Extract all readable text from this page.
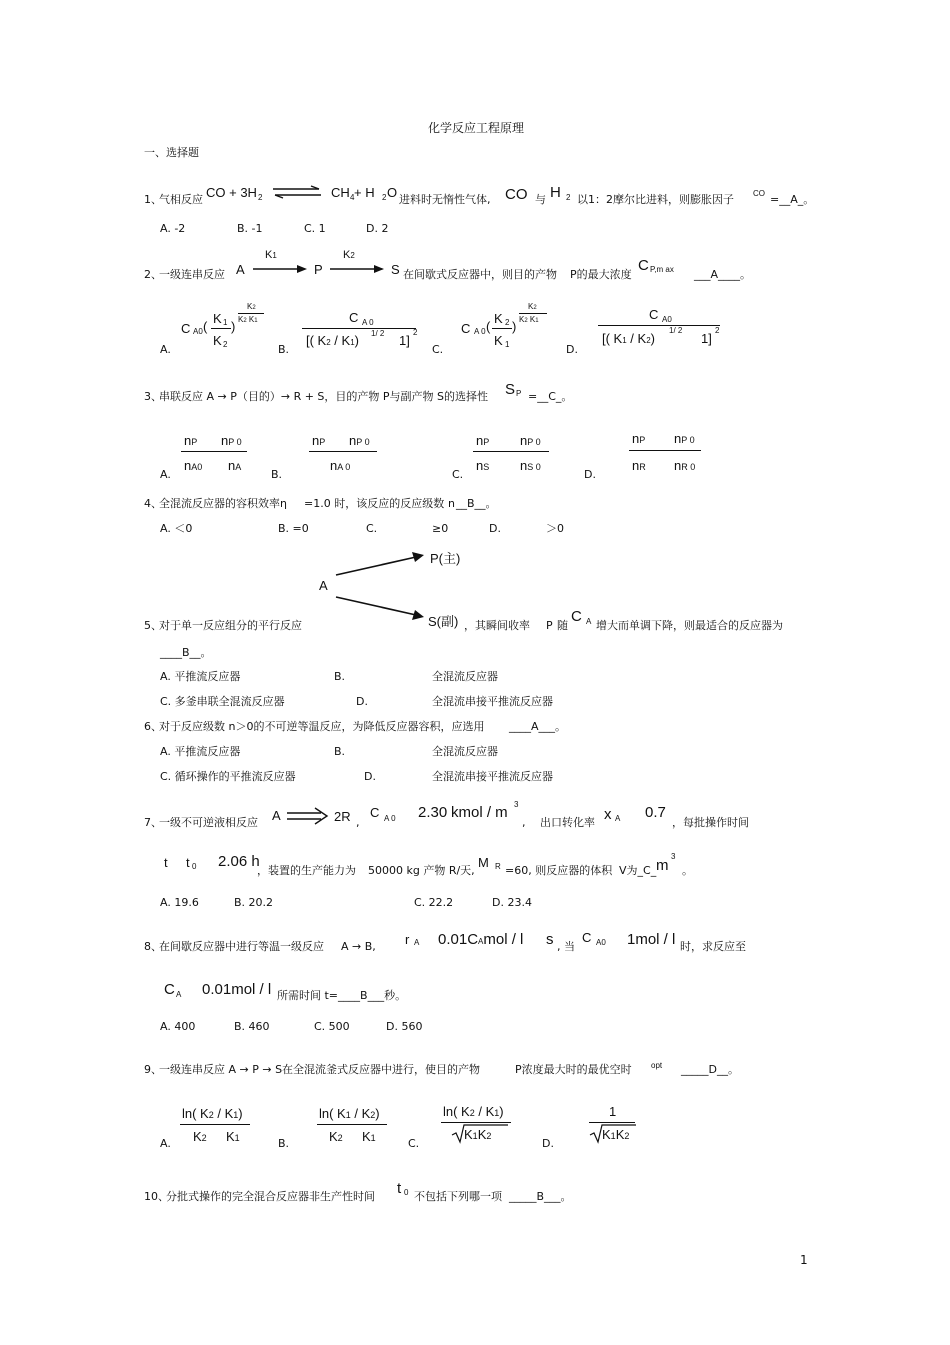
化学反应工程原理
一、选择题
1、
气相反应 CO + 3H 2 ⇌ CH 4 + H 2 O 进料时无惰性气体, CO 与 H 2 以1：2摩尔比进料，则膨胀因子 CO =__A_。
A. -2	B. -1	C. 1	D. 2
2、
一级连串反应 A
K1
P
K2
S 在间歇式反应器中，则目的产物 P的最大浓度
C P,m ax ___A____。
A.
C A0 (
K 1
K 2
)
K2
K2 K1
B.
C A 0
[( K2 / K1) 1/ 2 1]
2
C.
C A 0 (
K 2
K 1
)
K2
K2 K1
D.
C A0
[( K1 / K2)
1/ 2
1]
2
3、
串联反应 A → P（目的）→ R + S，目的产物 P与副产物 S的选择性 S P =__C_。
A.
nP nP 0
nA0 nA
B.
nP nP 0
nA 0
C.
nP nP 0
nS nS 0
D.
nP nP 0
nR nR 0
4、
全混流反应器的容积效率η =1.0 时，该反应的反应级数 n __B__。
A. ＜0	B. =0	C.	≥0	D.	＞0
P(主)
A
5、
对于单一反应组分的平行反应	S(副) ，其瞬间收率 P 随
C A 增大而单调下降，则最适合的反应器为
____B__。
A. 平推流反应器	B.	全混流反应器
C. 多釜串联全混流反应器	D.	全混流串接平推流反应器
6、
对于反应级数 n＞0的不可逆等温反应，为降低反应器容积，应选用 ____A___。
A. 平推流反应器	B.	全混流反应器
C. 循环操作的平推流反应器	D.	全混流串接平推流反应器
7、
一级不可逆液相反应 A	2R ,
C A 0 2.30 kmol / m 3
, 出口转化率 x A 0.7
，每批操作时间
t t 0 2.06 h
，装置的生产能力为 50000 kg 产物 R/天,
M R =60, 则反应器的体积 V为_C_ m
3
。
A. 19.6	B. 20.2	C. 22.2	D. 23.4
8、
在间歇反应器中进行等温一级反应 A → B, r A 0.01CAmol / l s , 当
C A0 1mol / l 时，求反应至
C A 0.01mol / l 所需时间 t=____B___秒。
A. 400	B. 460	C. 500	D. 560
9、
一级连串反应 A → P → S在全混流釜式反应器中进行，使目的产物	P浓度最大时的最优空时 opt _____D__。
A.
ln( K2 / K1)
K2 K1	B.
ln( K1 / K2)
K2 K1	C.
ln( K2 / K1)
K1K2
D.
1
K1K2
10、
分批式操作的完全混合反应器非生产性时间 t 0 不包括下列哪一项 _____B___。
1
